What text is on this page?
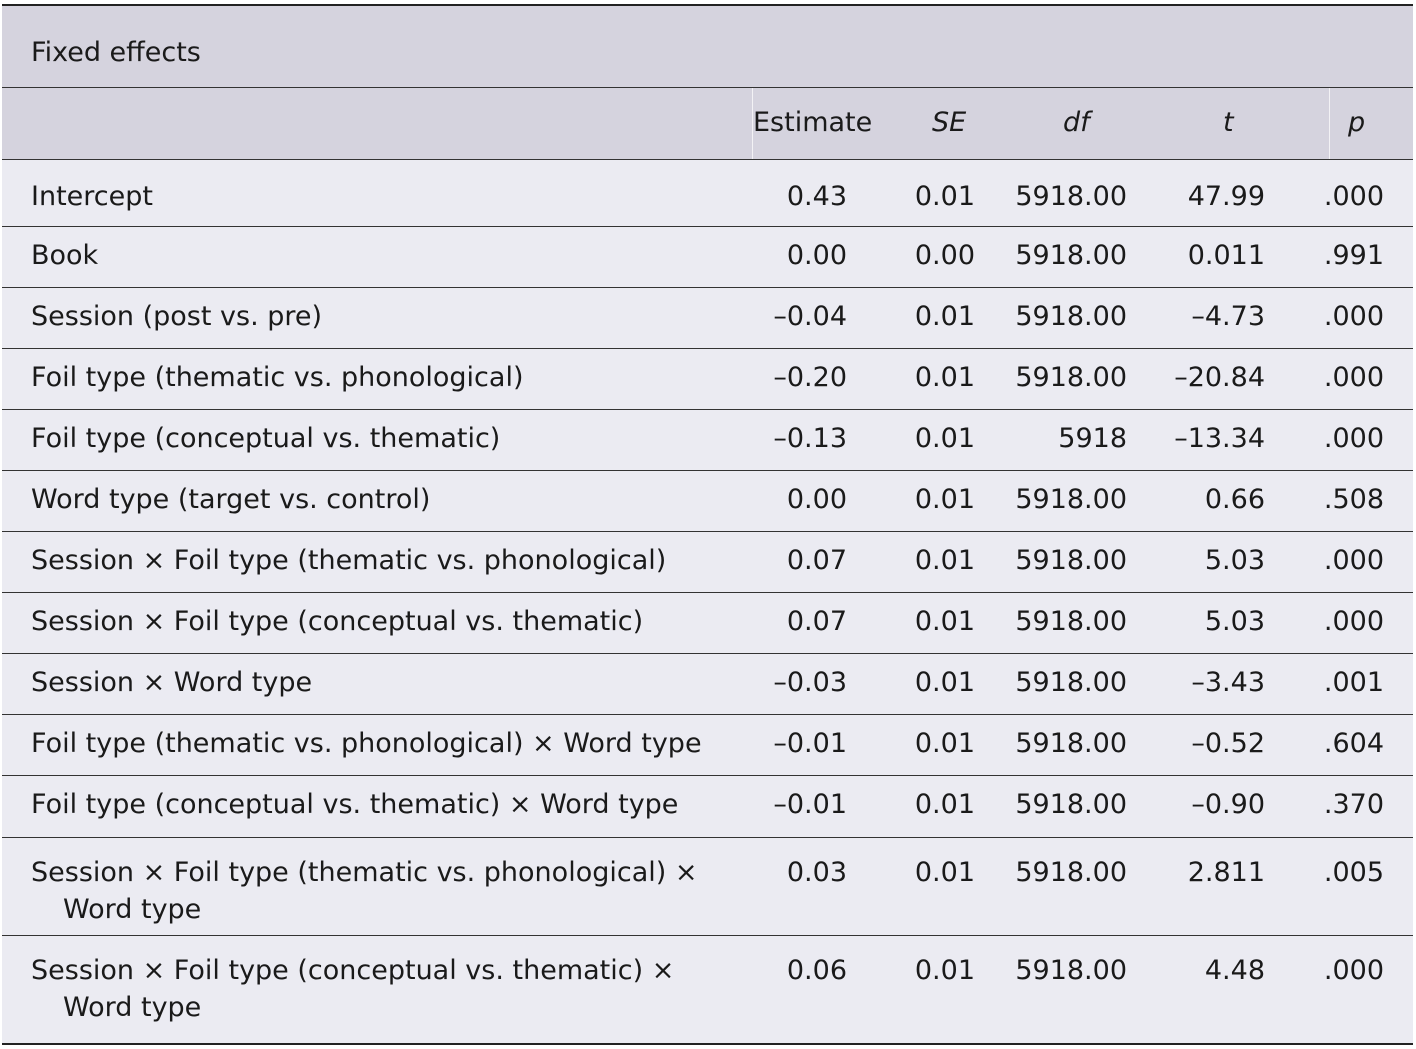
Fixed effects
Estimate SE	df	t	p
Intercept	0.43	0.01 5918.00 47.99 .000
Book	0.00	0.00 5918.00 0.011 .991
Session (post vs. pre)	–0.04	0.01 5918.00 –4.73 .000
Foil type (thematic vs. phonological)	–0.20	0.01 5918.00 –20.84 .000
Foil type (conceptual vs. thematic)	–0.13	0.01	5918 –13.34 .000
Word type (target vs. control)	0.00	0.01 5918.00	0.66 .508
Session × Foil type (thematic vs. phonological)	0.07	0.01 5918.00	5.03 .000
Session × Foil type (conceptual vs. thematic)	0.07	0.01 5918.00	5.03 .000
Session × Word type	–0.03	0.01 5918.00 –3.43 .001
Foil type (thematic vs. phonological) × Word type	–0.01	0.01 5918.00 –0.52 .604
Foil type (conceptual vs. thematic) × Word type	–0.01	0.01 5918.00 –0.90 .370
Session × Foil type (thematic vs. phonological) ×
Word type
0.03	0.01 5918.00 2.811 .005
Session × Foil type (conceptual vs. thematic) ×
Word type
0.06	0.01 5918.00	4.48 .000
